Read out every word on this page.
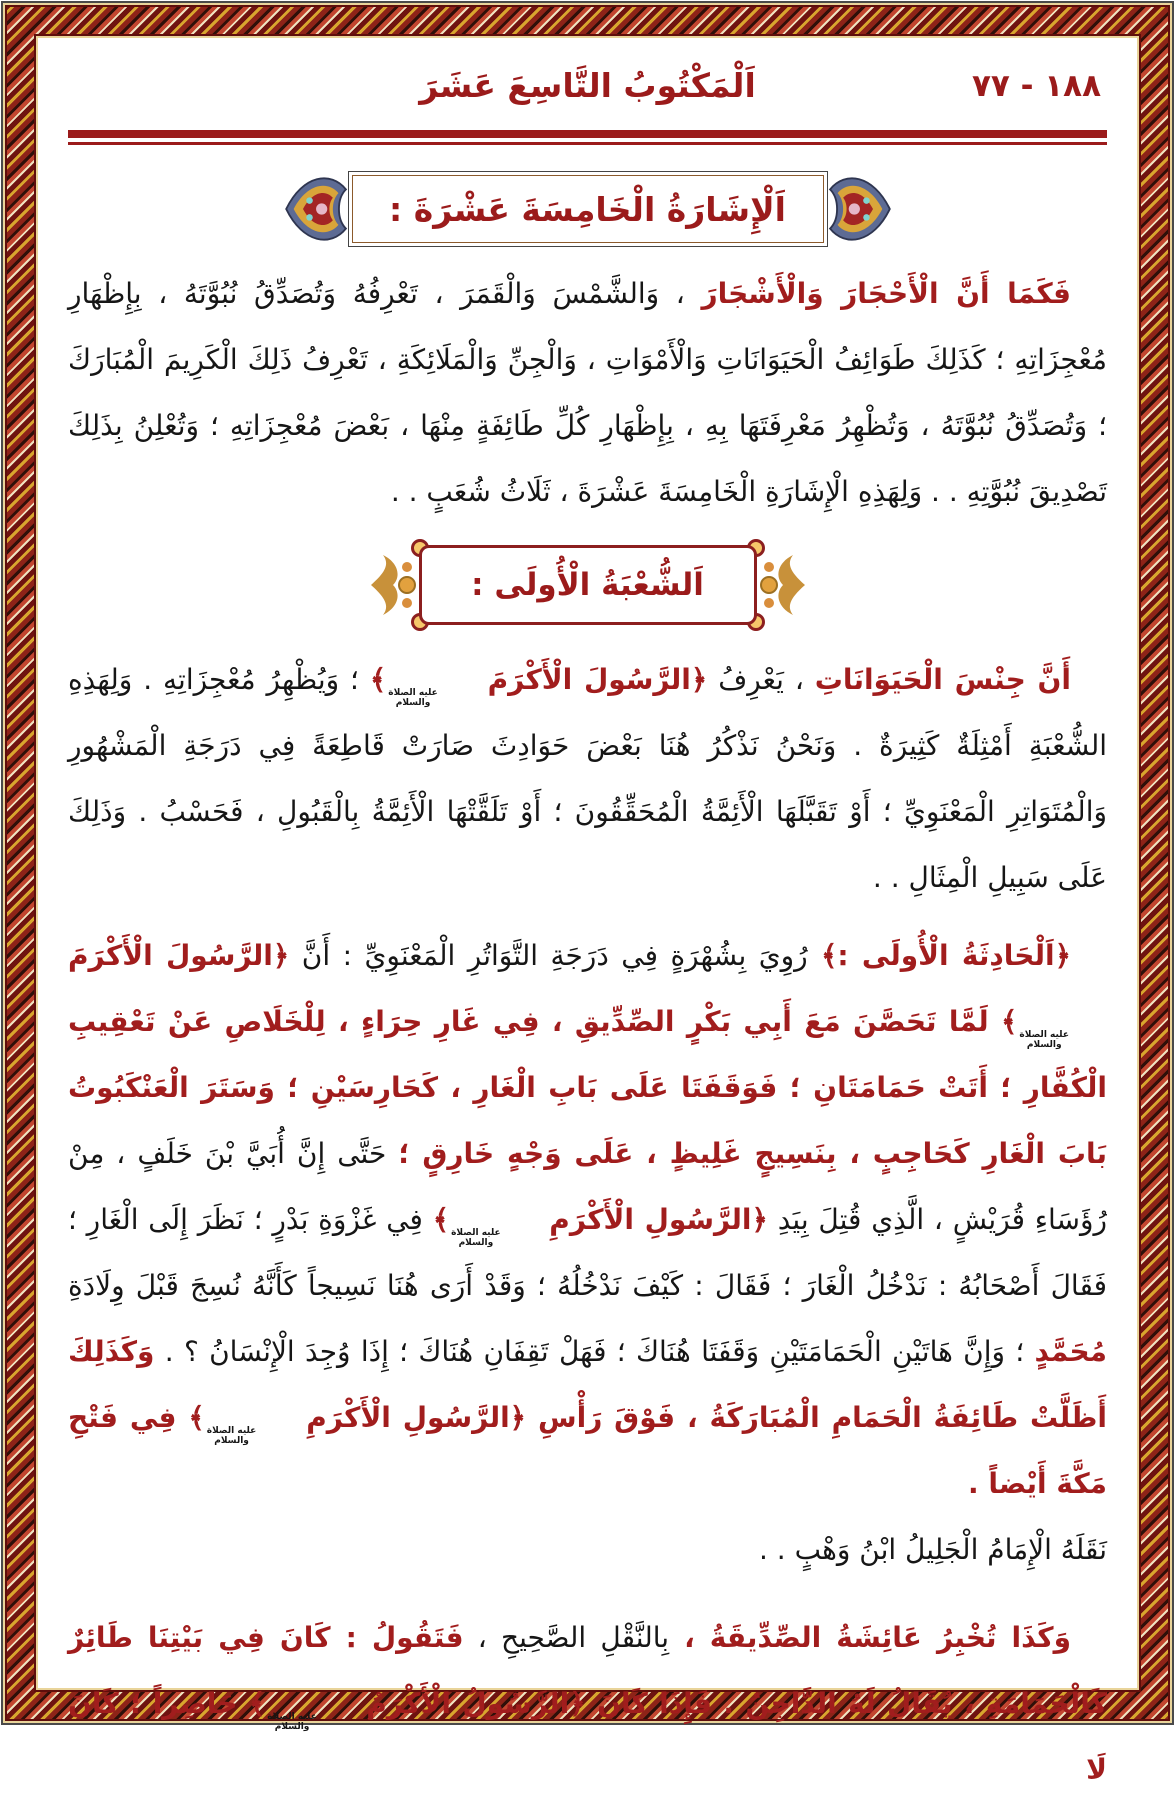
١٨٨ - ٧٧
اَلْمَكْتُوبُ التَّاسِعَ عَشَرَ
اَلْإِشَارَةُ الْخَامِسَةَ عَشْرَةَ :

فَكَمَا أَنَّ الْأَحْجَارَ وَالْأَشْجَارَ ، وَالشَّمْسَ وَالْقَمَرَ ، تَعْرِفُهُ وَتُصَدِّقُ نُبُوَّتَهُ ، بِإِظْهَارِ مُعْجِزَاتِهِ ؛ كَذَلِكَ طَوَائِفُ الْحَيَوَانَاتِ وَالْأَمْوَاتِ ، وَالْجِنِّ وَالْمَلَائِكَةِ ، تَعْرِفُ ذَلِكَ الْكَرِيمَ الْمُبَارَكَ ؛ وَتُصَدِّقُ نُبُوَّتَهُ ، وَتُظْهِرُ مَعْرِفَتَهَا بِهِ ، بِإِظْهَارِ كُلِّ طَائِفَةٍ مِنْهَا ، بَعْضَ مُعْجِزَاتِهِ ؛ وَتُعْلِنُ بِذَلِكَ تَصْدِيقَ نُبُوَّتِهِ . . وَلِهَذِهِ الْإِشَارَةِ الْخَامِسَةَ عَشْرَةَ ، ثَلَاثُ شُعَبٍ . .

اَلشُّعْبَةُ الْأُولَى :

أَنَّ جِنْسَ الْحَيَوَانَاتِ ، يَعْرِفُ ﴿الرَّسُولَ الْأَكْرَمَ
عليه الصلاة
والسلام
﴾ ؛ وَيُظْهِرُ مُعْجِزَاتِهِ . وَلِهَذِهِ الشُّعْبَةِ أَمْثِلَةٌ كَثِيرَةٌ . وَنَحْنُ نَذْكُرُ هُنَا بَعْضَ حَوَادِثَ صَارَتْ قَاطِعَةً فِي دَرَجَةِ الْمَشْهُورِ وَالْمُتَوَاتِرِ الْمَعْنَوِيِّ ؛ أَوْ تَقَبَّلَهَا الْأَئِمَّةُ الْمُحَقِّقُونَ ؛ أَوْ تَلَقَّتْهَا الْأَئِمَّةُ بِالْقَبُولِ ، فَحَسْبُ . وَذَلِكَ عَلَى سَبِيلِ الْمِثَالِ . .

﴿اَلْحَادِثَةُ الْأُولَى :﴾ رُوِيَ بِشُهْرَةٍ فِي دَرَجَةِ التَّوَاتُرِ الْمَعْنَوِيِّ : أَنَّ ﴿الرَّسُولَ الْأَكْرَمَ
عليه الصلاة
والسلام
﴾ لَمَّا تَحَصَّنَ مَعَ أَبِي بَكْرٍ الصِّدِّيقِ ، فِي غَارِ حِرَاءٍ ، لِلْخَلَاصِ عَنْ تَعْقِيبِ الْكُفَّارِ ؛ أَتَتْ حَمَامَتَانِ ؛ فَوَقَفَتَا عَلَى بَابِ الْغَارِ ، كَحَارِسَيْنِ ؛ وَسَتَرَ الْعَنْكَبُوتُ بَابَ الْغَارِ كَحَاجِبٍ ، بِنَسِيجٍ غَلِيظٍ ، عَلَى وَجْهٍ خَارِقٍ ؛ حَتَّى إِنَّ أُبَيَّ بْنَ خَلَفٍ ، مِنْ رُؤَسَاءِ قُرَيْشٍ ، الَّذِي قُتِلَ بِيَدِ ﴿الرَّسُولِ الْأَكْرَمِ
عليه الصلاة
والسلام
﴾ فِي غَزْوَةِ بَدْرٍ ؛ نَظَرَ إِلَى الْغَارِ ؛ فَقَالَ أَصْحَابُهُ : نَدْخُلُ الْغَارَ ؛ فَقَالَ : كَيْفَ نَدْخُلُهُ ؛ وَقَدْ أَرَى هُنَا نَسِيجاً كَأَنَّهُ نُسِجَ قَبْلَ وِلَادَةِ مُحَمَّدٍ ؛ وَإِنَّ هَاتَيْنِ الْحَمَامَتَيْنِ وَقَفَتَا هُنَاكَ ؛ فَهَلْ تَقِفَانِ هُنَاكَ ؛ إِذَا وُجِدَ الْإِنْسَانُ ؟ . وَكَذَلِكَ أَظَلَّتْ طَائِفَةُ الْحَمَامِ الْمُبَارَكَةُ ، فَوْقَ رَأْسِ ﴿الرَّسُولِ الْأَكْرَمِ
عليه الصلاة
والسلام
﴾ فِي فَتْحِ مَكَّةَ أَيْضاً .

نَقَلَهُ الْإِمَامُ الْجَلِيلُ ابْنُ وَهْبٍ . .

وَكَذَا تُخْبِرُ عَائِشَةُ الصِّدِّيقَةُ ، بِالنَّقْلِ الصَّحِيحِ ، فَتَقُولُ : كَانَ فِي بَيْتِنَا طَائِرٌ كَالْحَمَامَةِ ، يُقَالُ لَهُ الدَّاجِنُ . فَإِذَا كَانَ ﴿الرَّسُولُ الْأَكْرَمُ
عليه الصلاة
والسلام
﴾ حَاضِراً ؛ كَانَ لَا
